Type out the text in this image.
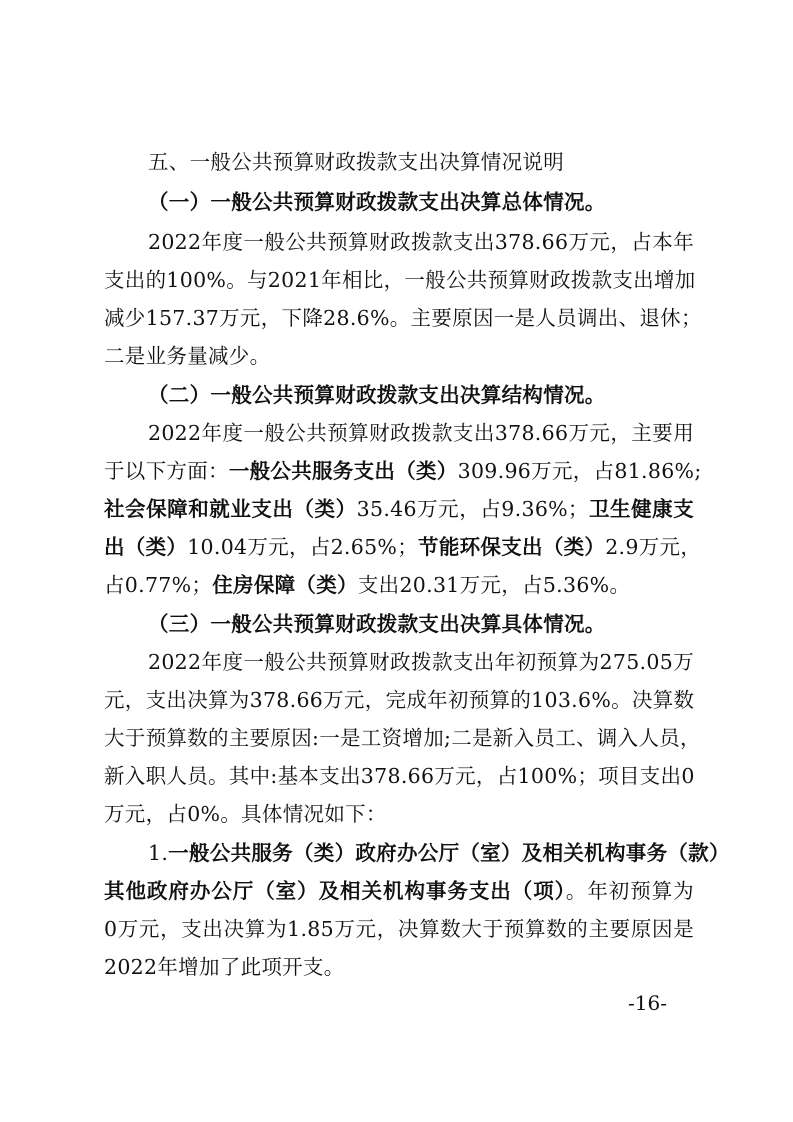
五、一般公共预算财政拨款支出决算情况说明
（一）一般公共预算财政拨款支出决算总体情况。
2022年度一般公共预算财政拨款支出378.66万元，占本年
支出的100%。与2021年相比，一般公共预算财政拨款支出增加
减少157.37万元，下降28.6%。主要原因一是人员调出、退休；
二是业务量减少。
（二）一般公共预算财政拨款支出决算结构情况。
2022年度一般公共预算财政拨款支出378.66万元，主要用
于以下方面：一般公共服务支出（类）309.96万元，占81.86%;
社会保障和就业支出（类）35.46万元，占9.36%；卫生健康支
出（类）10.04万元，占2.65%；节能环保支出（类）2.9万元，
占0.77%；住房保障（类）支出20.31万元，占5.36%。
（三）一般公共预算财政拨款支出决算具体情况。
2022年度一般公共预算财政拨款支出年初预算为275.05万
元，支出决算为378.66万元，完成年初预算的103.6%。决算数
大于预算数的主要原因:一是工资增加;二是新入员工、调入人员，
新入职人员。其中:基本支出378.66万元，占100%；项目支出0
万元，占0%。具体情况如下：
1.一般公共服务（类）政府办公厅（室）及相关机构事务（款）
其他政府办公厅（室）及相关机构事务支出（项）。年初预算为
0万元，支出决算为1.85万元，决算数大于预算数的主要原因是
2022年增加了此项开支。
-16-
